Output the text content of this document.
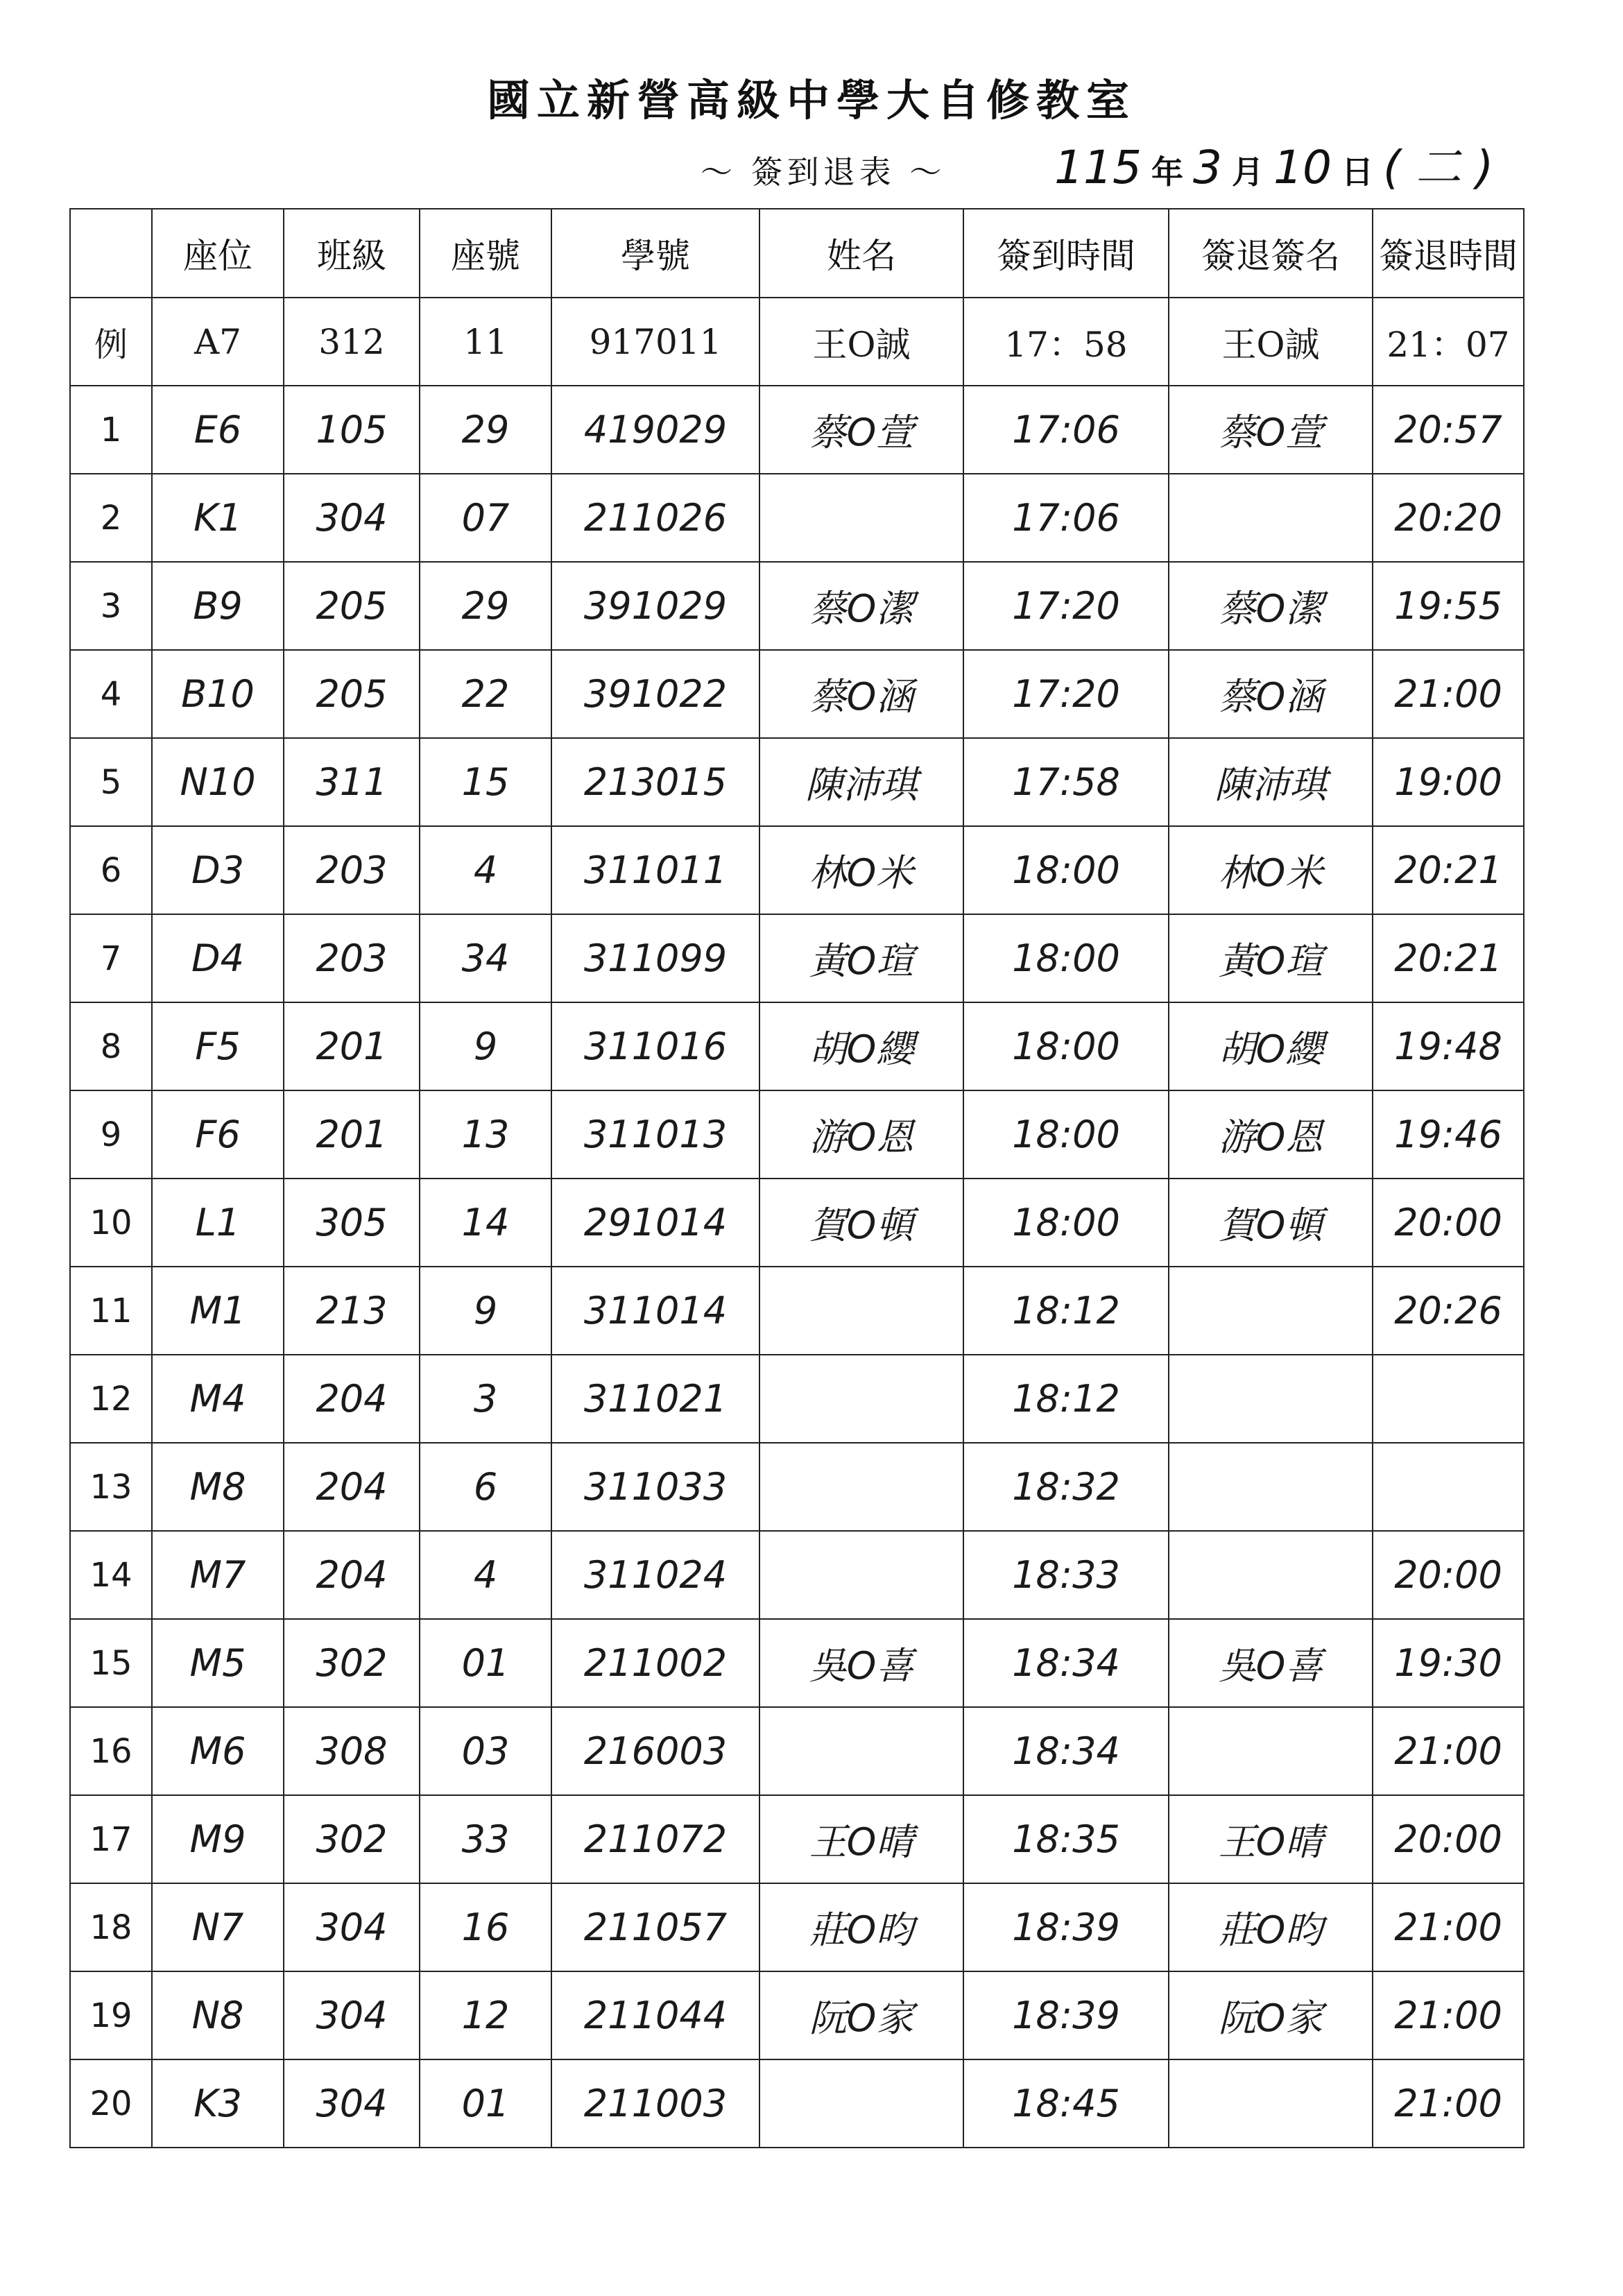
國立新營高級中學大自修教室
～ 簽到退表 ～ 115 年 3 月 10 日 ( 二 )
	座位	班級	座號	學號	姓名	簽到時間	簽退簽名	簽退時間
例	A7	312	11	917011	王O誠	17：58	王O誠	21：07
1	E6	105	29	419029	蔡O萱	17:06	蔡O萱	20:57
2	K1	304	07	211026		17:06		20:20
3	B9	205	29	391029	蔡O潔	17:20	蔡O潔	19:55
4	B10	205	22	391022	蔡O涵	17:20	蔡O涵	21:00
5	N10	311	15	213015	陳沛琪	17:58	陳沛琪	19:00
6	D3	203	4	311011	林O米	18:00	林O米	20:21
7	D4	203	34	311099	黃O瑄	18:00	黃O瑄	20:21
8	F5	201	9	311016	胡O纓	18:00	胡O纓	19:48
9	F6	201	13	311013	游O恩	18:00	游O恩	19:46
10	L1	305	14	291014	賀O頓	18:00	賀O頓	20:00
11	M1	213	9	311014		18:12		20:26
12	M4	204	3	311021		18:12		
13	M8	204	6	311033		18:32		
14	M7	204	4	311024		18:33		20:00
15	M5	302	01	211002	吳O喜	18:34	吳O喜	19:30
16	M6	308	03	216003		18:34		21:00
17	M9	302	33	211072	王O晴	18:35	王O晴	20:00
18	N7	304	16	211057	莊O昀	18:39	莊O昀	21:00
19	N8	304	12	211044	阮O家	18:39	阮O家	21:00
20	K3	304	01	211003		18:45		21:00
